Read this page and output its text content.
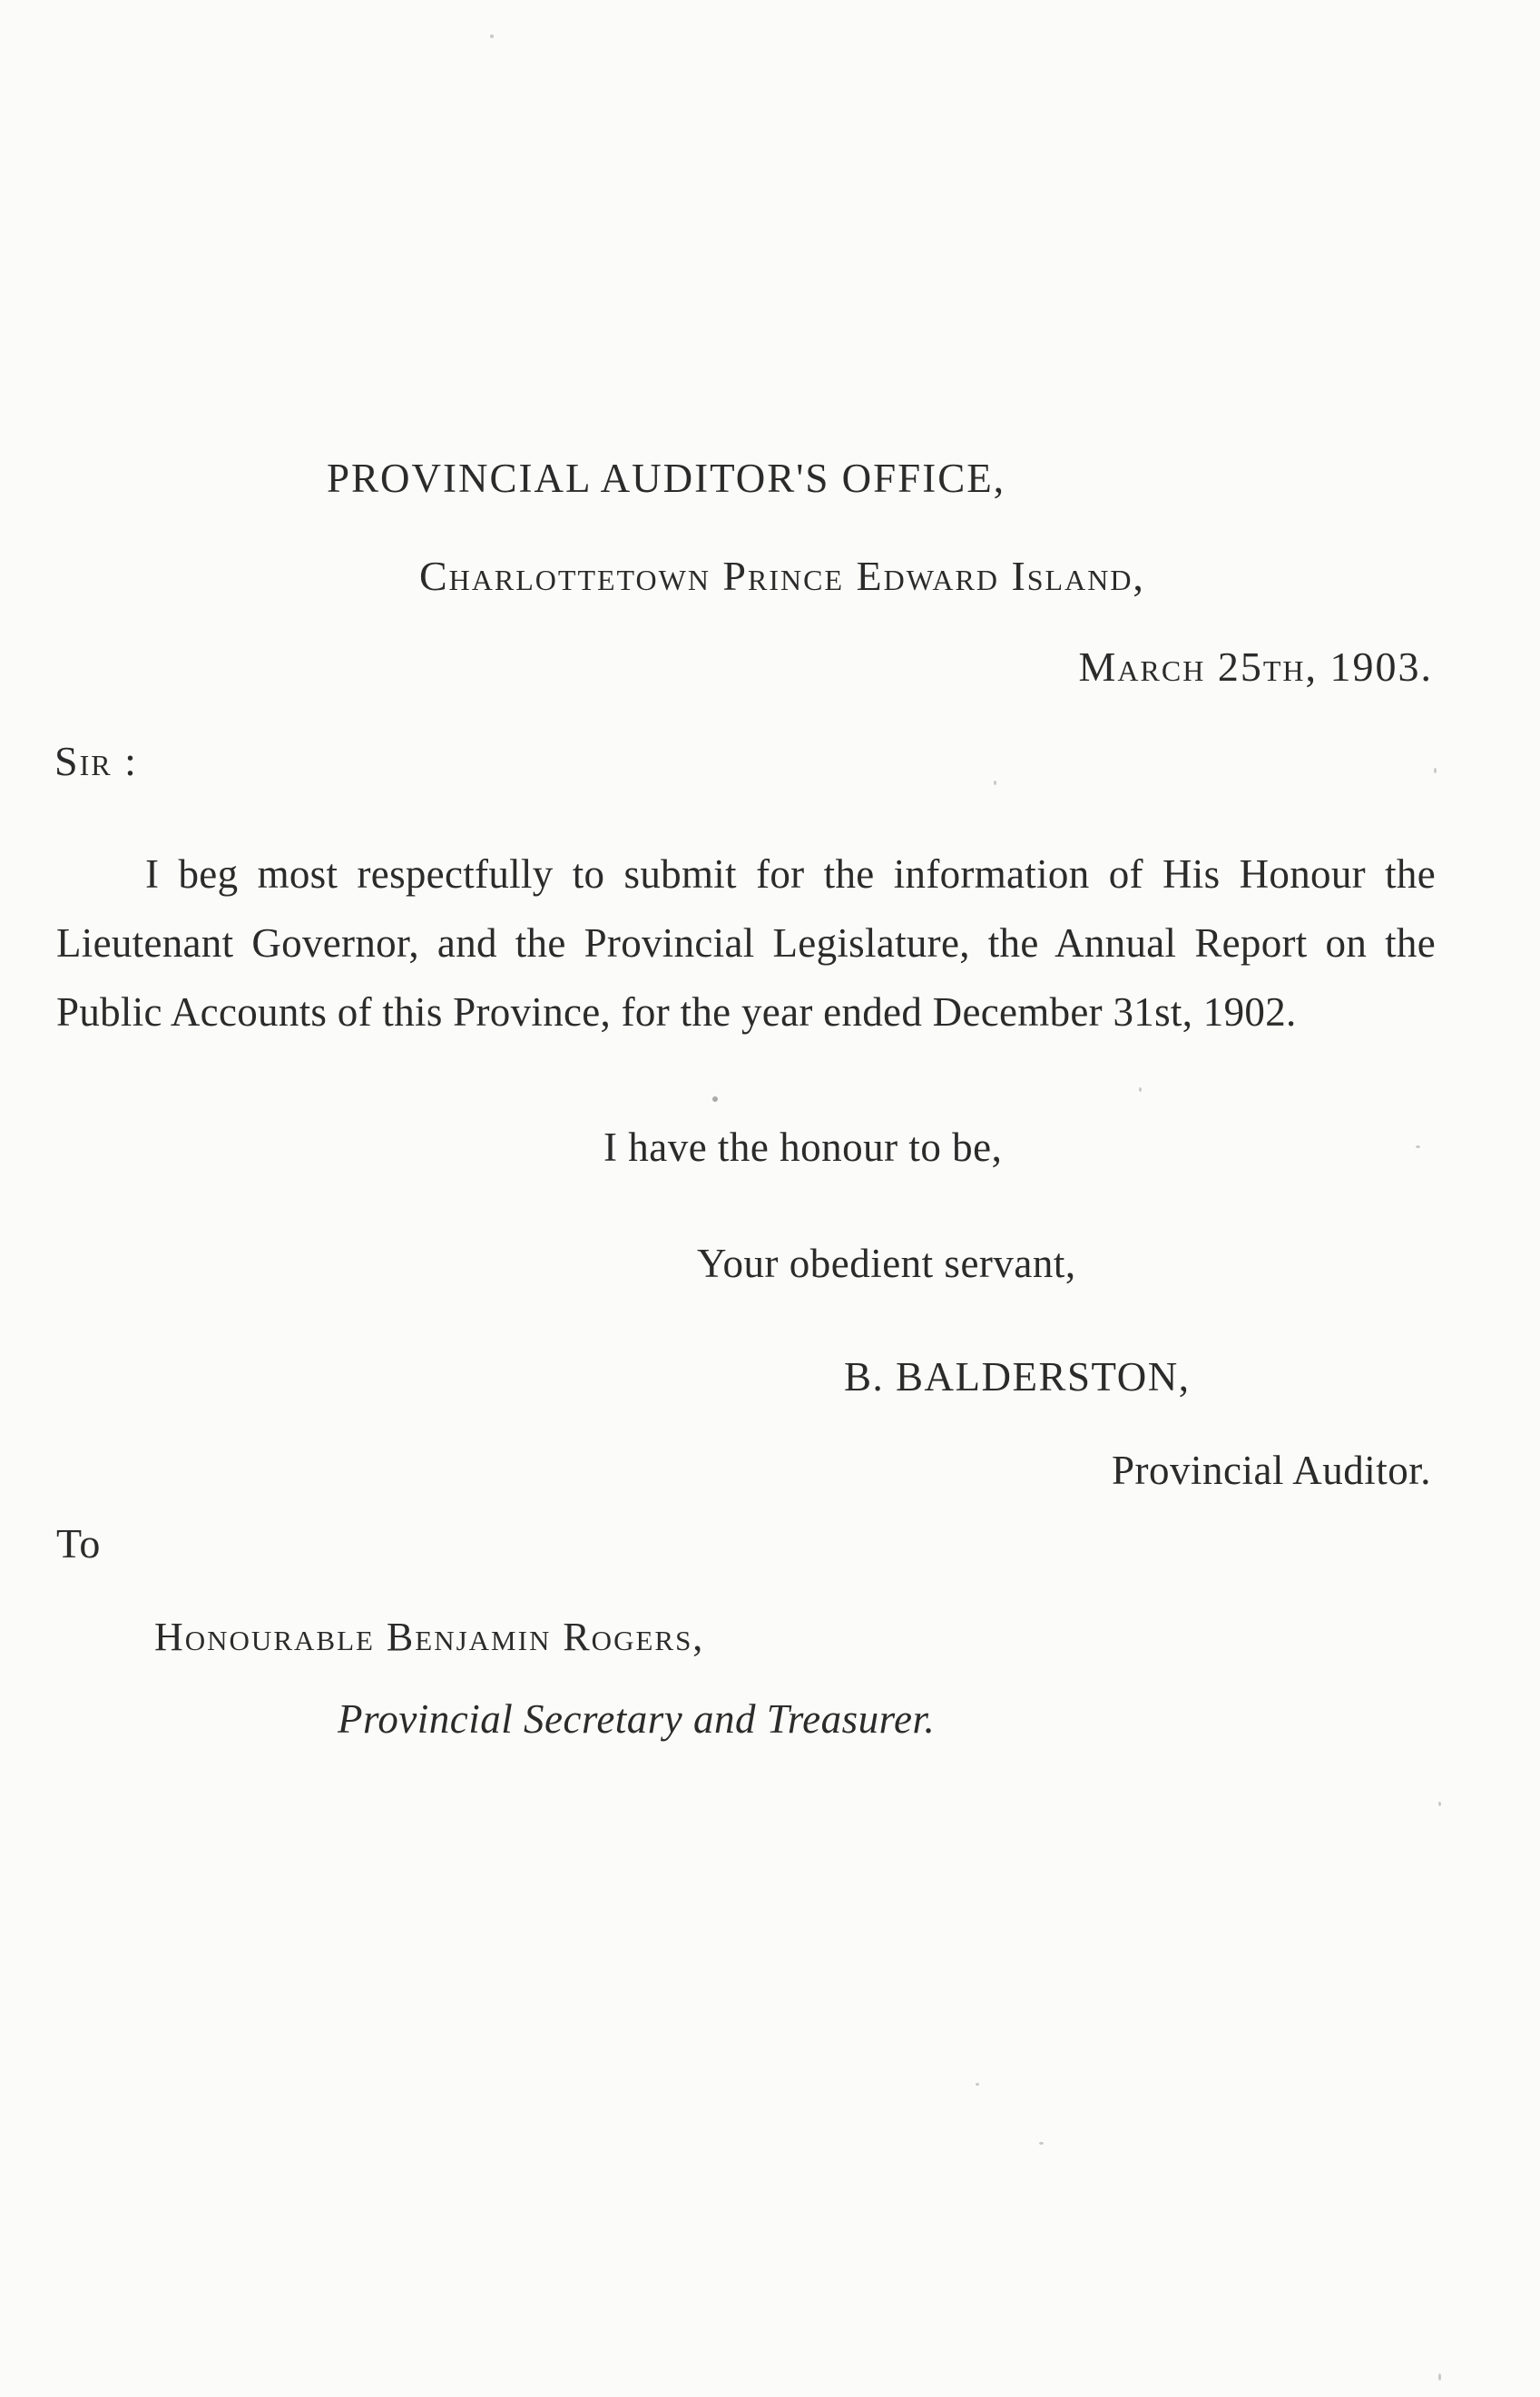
PROVINCIAL AUDITOR'S OFFICE,
Charlottetown Prince Edward Island,
March 25th, 1903.
Sir :

I beg most respectfully to submit for the information of His Honour the Lieutenant Governor, and the Provincial Legislature, the Annual Report on the Public Accounts of this Province, for the year ended December 31st, 1902.

I have the honour to be,
Your obedient servant,
B. BALDERSTON,
Provincial Auditor.
To
Honourable Benjamin Rogers,
Provincial Secretary and Treasurer.
